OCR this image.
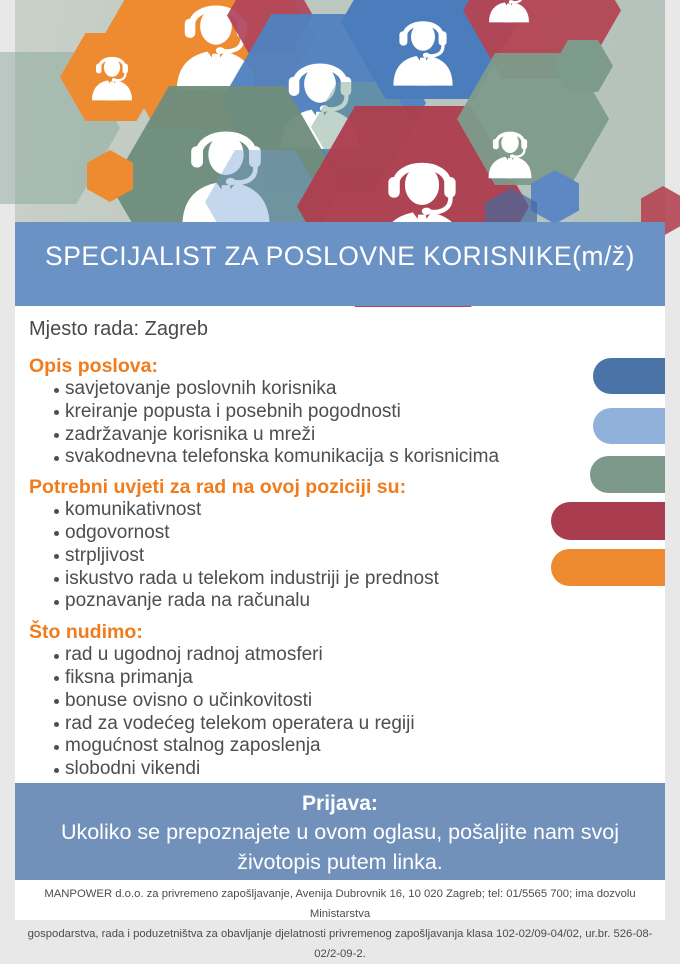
SPECIJALIST ZA POSLOVNE KORISNIKE(m/ž)
Mjesto rada: Zagreb
Opis poslova:
savjetovanje poslovnih korisnika
kreiranje popusta i posebnih pogodnosti
zadržavanje korisnika u mreži
svakodnevna telefonska komunikacija s korisnicima
Potrebni uvjeti za rad na ovoj poziciji su:
komunikativnost
odgovornost
strpljivost
iskustvo rada u telekom industriji je prednost
poznavanje rada na računalu
Što nudimo:
rad u ugodnoj radnoj atmosferi
fiksna primanja
bonuse ovisno o učinkovitosti
rad za vodećeg telekom operatera u regiji
mogućnost stalnog zaposlenja
slobodni vikendi

Prijava:

Ukoliko se prepoznajete u ovom oglasu, pošaljite nam svoj

životopis putem linka.

MANPOWER d.o.o. za privremeno zapošljavanje, Avenija Dubrovnik 16, 10 020 Zagreb; tel: 01/5565 700; ima dozvolu Ministarstva
gospodarstva, rada i poduzetništva za obavljanje djelatnosti privremenog zapošljavanja klasa 102-02/09-04/02, ur.br. 526-08-02/2-09-2.
